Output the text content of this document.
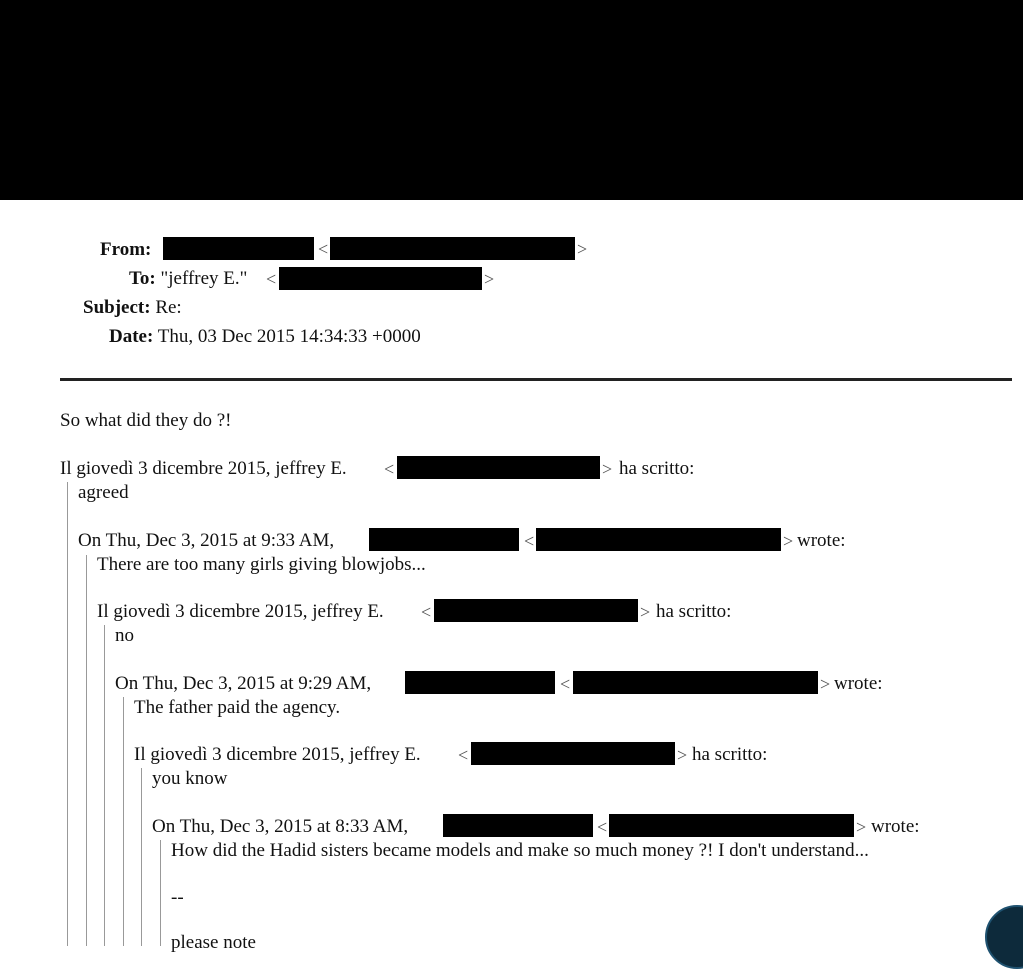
From:	<	>
To: "jeffrey E." <	>
Subject: Re:
Date: Thu, 03 Dec 2015 14:34:33 +0000
So what did they do ?!
Il giovedì 3 dicembre 2015, jeffrey E. <	> ha scritto:
agreed
On Thu, Dec 3, 2015 at 9:33 AM,	<	> wrote:
There are too many girls giving blowjobs...
Il giovedì 3 dicembre 2015, jeffrey E. <	> ha scritto:
no
On Thu, Dec 3, 2015 at 9:29 AM,	<	> wrote:
The father paid the agency.
Il giovedì 3 dicembre 2015, jeffrey E. <	> ha scritto:
you know
On Thu, Dec 3, 2015 at 8:33 AM,	<	> wrote:
How did the Hadid sisters became models and make so much money ?! I don't understand...
--
please note
